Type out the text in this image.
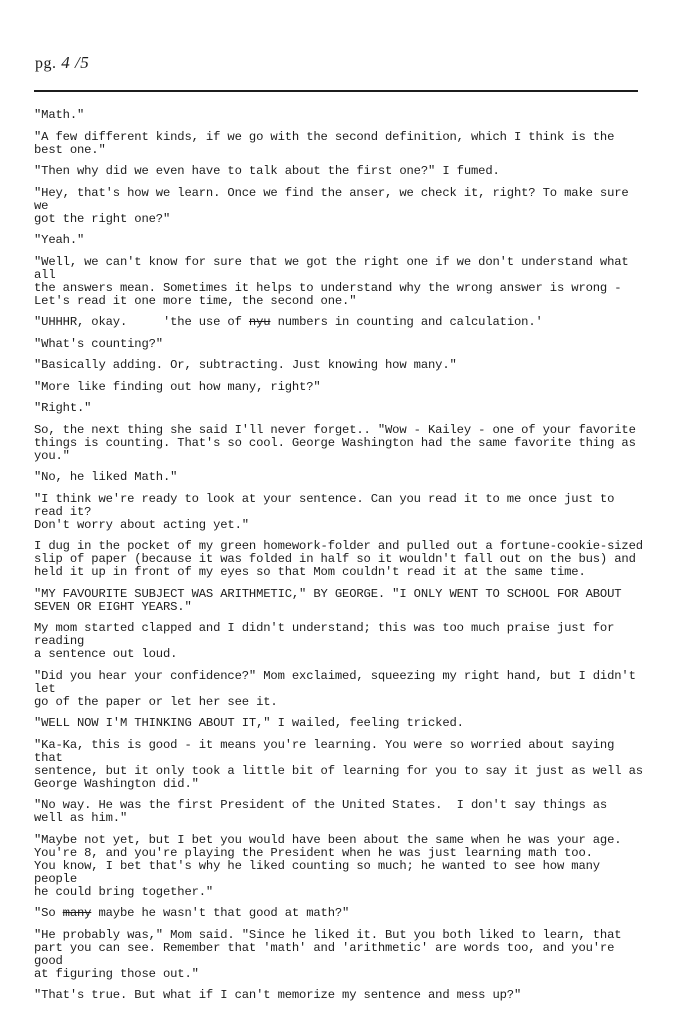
pg. 4 /5

"Math."

"A few different kinds, if we go with the second definition, which I think is the best one."

"Then why did we even have to talk about the first one?" I fumed.

"Hey, that's how we learn. Once we find the anser, we check it, right? To make sure we
got the right one?"

"Yeah."

"Well, we can't know for sure that we got the right one if we don't understand what all
the answers mean. Sometimes it helps to understand why the wrong answer is wrong -
Let's read it one more time, the second one."

"UHHHR, okay.     'the use of nyu numbers in counting and calculation.'

"What's counting?"

"Basically adding. Or, subtracting. Just knowing how many."

"More like finding out how many, right?"

"Right."

So, the next thing she said I'll never forget.. "Wow - Kailey - one of your favorite
things is counting. That's so cool. George Washington had the same favorite thing as you."

"No, he liked Math."

"I think we're ready to look at your sentence. Can you read it to me once just to read it?
Don't worry about acting yet."

I dug in the pocket of my green homework-folder and pulled out a fortune-cookie-sized
slip of paper (because it was folded in half so it wouldn't fall out on the bus) and
held it up in front of my eyes so that Mom couldn't read it at the same time.

"MY FAVOURITE SUBJECT WAS ARITHMETIC," BY GEORGE. "I ONLY WENT TO SCHOOL FOR ABOUT
SEVEN OR EIGHT YEARS."

My mom started clapped and I didn't understand; this was too much praise just for reading
a sentence out loud.

"Did you hear your confidence?" Mom exclaimed, squeezing my right hand, but I didn't let
go of the paper or let her see it.

"WELL NOW I'M THINKING ABOUT IT," I wailed, feeling tricked.

"Ka-Ka, this is good - it means you're learning. You were so worried about saying that
sentence, but it only took a little bit of learning for you to say it just as well as
George Washington did."

"No way. He was the first President of the United States.  I don't say things as
well as him."

"Maybe not yet, but I bet you would have been about the same when he was your age.
You're 8, and you're playing the President when he was just learning math too.
You know, I bet that's why he liked counting so much; he wanted to see how many people
he could bring together."

"So many maybe he wasn't that good at math?"

"He probably was," Mom said. "Since he liked it. But you both liked to learn, that
part you can see. Remember that 'math' and 'arithmetic' are words too, and you're good
at figuring those out."

"That's true. But what if I can't memorize my sentence and mess up?"
